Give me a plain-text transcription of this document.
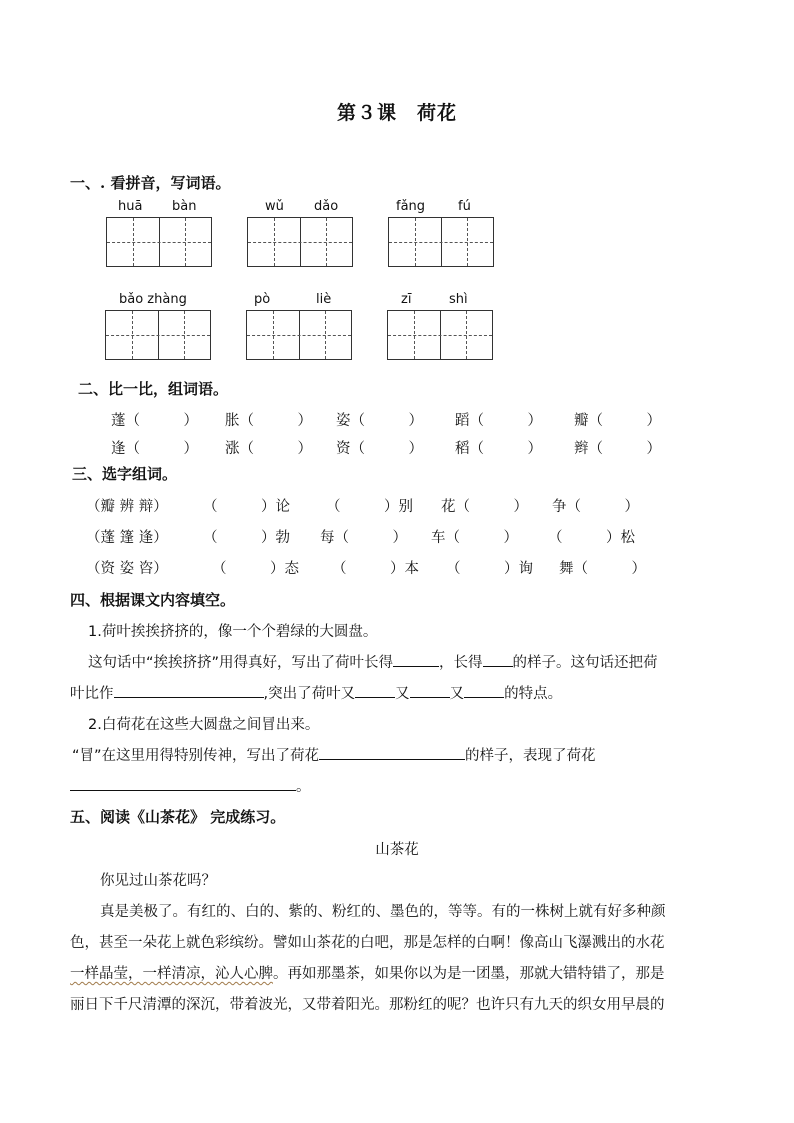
第３课　荷花
一、. 看拼音，写词语。
huā bàn	wǔ dǎo	fǎng	fú
bǎo zhàng	pò	liè	zī	shì
二、比一比，组词语。
蓬（　　　） 胀（　　　） 姿（　　　） 蹈（　　　） 瓣（　　　）
逢（　　　） 涨（　　　） 资（　　　） 稻（　　　） 辫（　　　）
三、选字组词。
（瓣 辨 辩） （　　　）论 （　　　）别 花（　　　） 争（　　　）
（蓬 篷 逢） （　　　）勃 每（　　　） 车（　　　） （　　　）松
（资 姿 咨）	（　　　）态 （　　　）本 （　　　）询 舞（　　　）
四、根据课文内容填空。
1.荷叶挨挨挤挤的，像一个个碧绿的大圆盘。
这句话中“挨挨挤挤”用得真好，写出了荷叶长得	，长得 的样子。这句话还把荷
叶比作	,突出了荷叶又	又	又	的特点。
2.白荷花在这些大圆盘之间冒出来。
“冒”在这里用得特别传神，写出了荷花	的样子，表现了荷花
。
五、阅读《山茶花》 完成练习。
山茶花
你见过山茶花吗？
真是美极了。有红的、白的、紫的、粉红的、墨色的，等等。有的一株树上就有好多种颜
色，甚至一朵花上就色彩缤纷。譬如山茶花的白吧，那是怎样的白啊！像高山飞瀑溅出的水花
一样晶莹，一样清凉，沁人心脾。再如那墨茶，如果你以为是一团墨，那就大错特错了，那是
丽日下千尺清潭的深沉，带着波光，又带着阳光。那粉红的呢？也许只有九天的织女用早晨的
